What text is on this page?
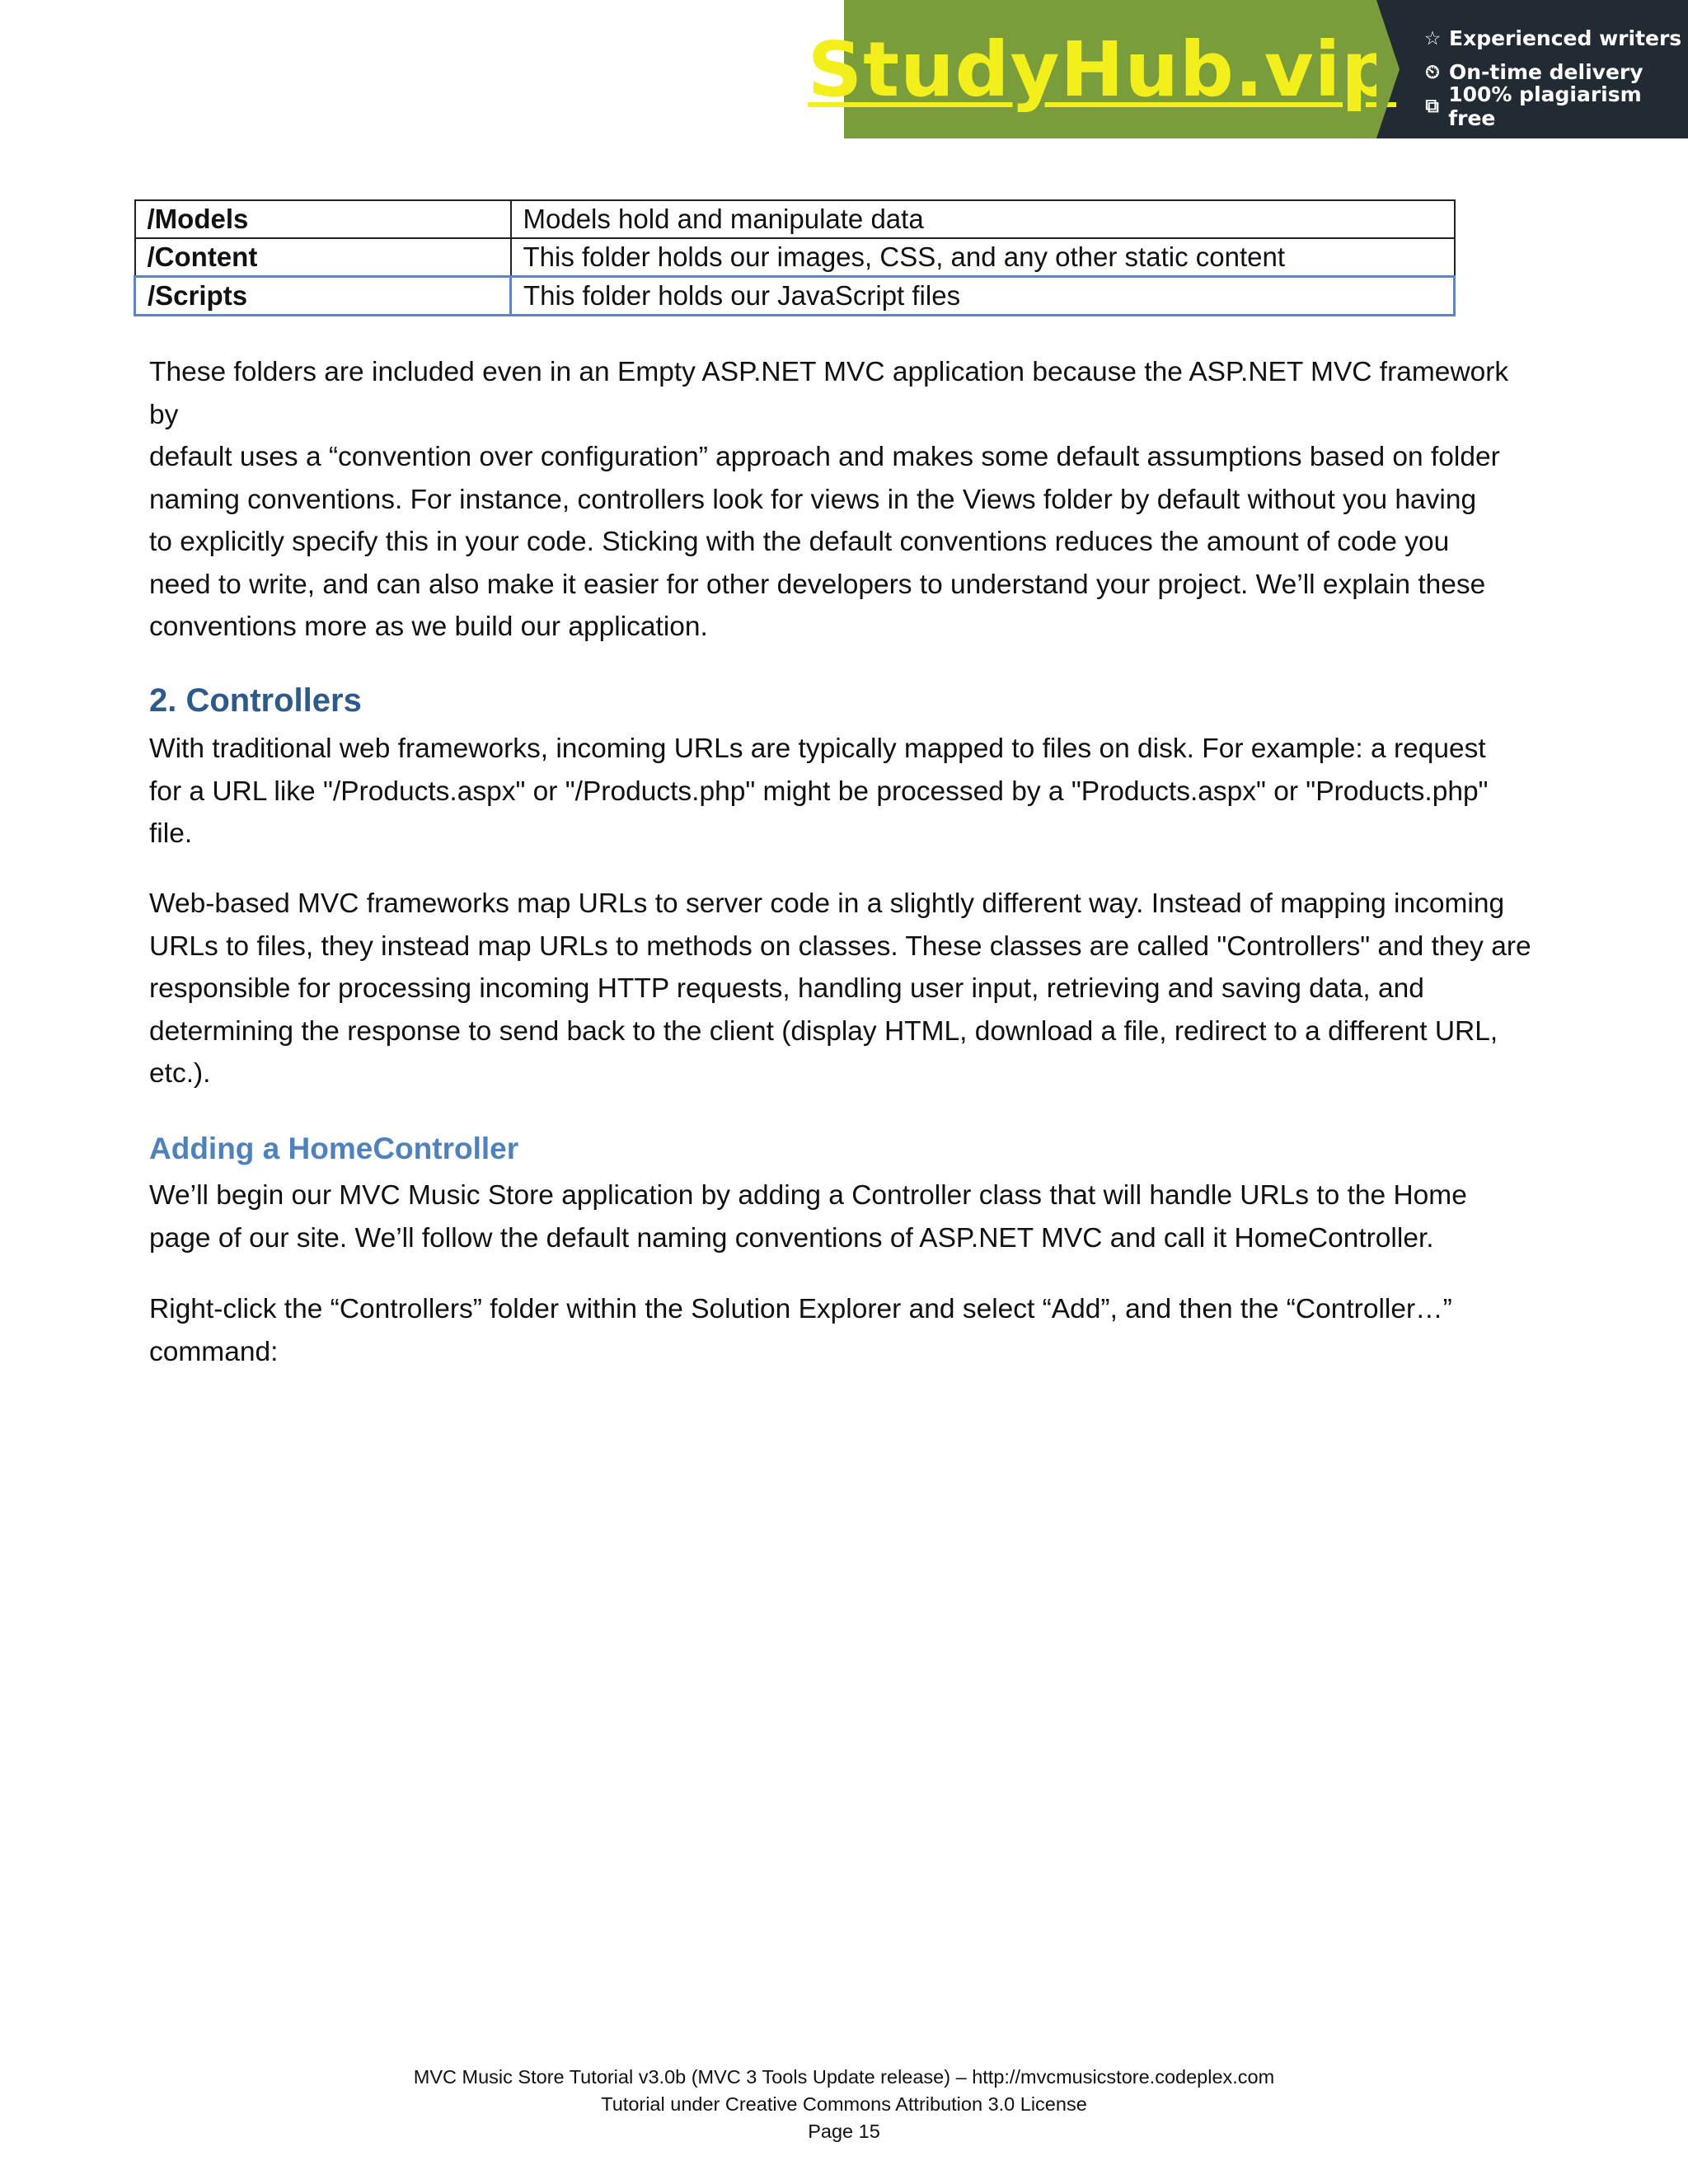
StudyHub.vip ☆ Experienced writers
⏲ On-time delivery
⧉ 100% plagiarism free
/Models	Models hold and manipulate data
/Content	This folder holds our images, CSS, and any other static content
/Scripts	This folder holds our JavaScript files

These folders are included even in an Empty ASP.NET MVC application because the ASP.NET MVC framework by
default uses a “convention over configuration” approach and makes some default assumptions based on folder
naming conventions. For instance, controllers look for views in the Views folder by default without you having
to explicitly specify this in your code. Sticking with the default conventions reduces the amount of code you
need to write, and can also make it easier for other developers to understand your project. We’ll explain these
conventions more as we build our application.

2. Controllers

With traditional web frameworks, incoming URLs are typically mapped to files on disk. For example: a request
for a URL like "/Products.aspx" or "/Products.php" might be processed by a "Products.aspx" or "Products.php"
file.

Web-based MVC frameworks map URLs to server code in a slightly different way. Instead of mapping incoming
URLs to files, they instead map URLs to methods on classes. These classes are called "Controllers" and they are
responsible for processing incoming HTTP requests, handling user input, retrieving and saving data, and
determining the response to send back to the client (display HTML, download a file, redirect to a different URL,
etc.).

Adding a HomeController

We’ll begin our MVC Music Store application by adding a Controller class that will handle URLs to the Home
page of our site. We’ll follow the default naming conventions of ASP.NET MVC and call it HomeController.

Right-click the “Controllers” folder within the Solution Explorer and select “Add”, and then the “Controller…”
command:

MVC Music Store Tutorial v3.0b (MVC 3 Tools Update release) – http://mvcmusicstore.codeplex.com
Tutorial under Creative Commons Attribution 3.0 License
Page 15
